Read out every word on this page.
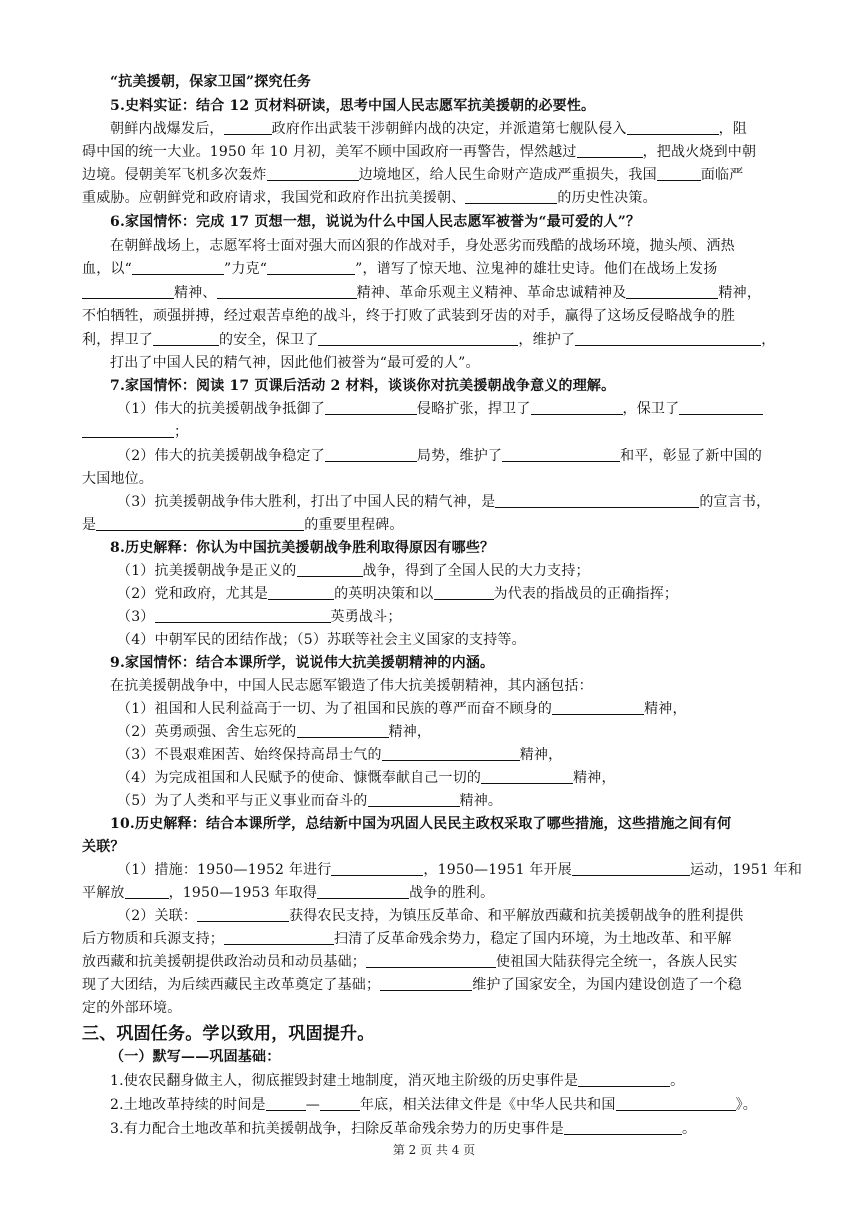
“抗美援朝，保家卫国”探究任务
5.史料实证：结合 12 页材料研读，思考中国人民志愿军抗美援朝的必要性。
朝鲜内战爆发后，	政府作出武装干涉朝鲜内战的决定，并派遣第七舰队侵入	，阻
碍中国的统一大业。1950 年 10 月初，美军不顾中国政府一再警告，悍然越过	，把战火烧到中朝
边境。侵朝美军飞机多次轰炸	边境地区，给人民生命财产造成严重损失，我国	面临严
重威胁。应朝鲜党和政府请求，我国党和政府作出抗美援朝、	的历史性决策。
6.家国情怀：完成 17 页想一想，说说为什么中国人民志愿军被誉为“最可爱的人”？
在朝鲜战场上，志愿军将士面对强大而凶狠的作战对手，身处恶劣而残酷的战场环境，抛头颅、洒热
血，以“	”力克“	”，谱写了惊天地、泣鬼神的雄壮史诗。他们在战场上发扬
精神、	精神、革命乐观主义精神、革命忠诚精神及	精神，
不怕牺牲，顽强拼搏，经过艰苦卓绝的战斗，终于打败了武装到牙齿的对手，赢得了这场反侵略战争的胜
利，捍卫了	的安全，保卫了	，维护了	，
打出了中国人民的精气神，因此他们被誉为“最可爱的人”。
7.家国情怀：阅读 17 页课后活动 2 材料，谈谈你对抗美援朝战争意义的理解。
（1）伟大的抗美援朝战争抵御了	侵略扩张，捍卫了	，保卫了
；
（2）伟大的抗美援朝战争稳定了	局势，维护了	和平，彰显了新中国的
大国地位。
（3）抗美援朝战争伟大胜利，打出了中国人民的精气神，是	的宣言书，
是	的重要里程碑。
8.历史解释：你认为中国抗美援朝战争胜利取得原因有哪些？
（1）抗美援朝战争是正义的	战争，得到了全国人民的大力支持；
（2）党和政府，尤其是	的英明决策和以	为代表的指战员的正确指挥；
（3）	英勇战斗；
（4）中朝军民的团结作战；（5）苏联等社会主义国家的支持等。
9.家国情怀：结合本课所学，说说伟大抗美援朝精神的内涵。
在抗美援朝战争中，中国人民志愿军锻造了伟大抗美援朝精神，其内涵包括：
（1）祖国和人民利益高于一切、为了祖国和民族的尊严而奋不顾身的	精神，
（2）英勇顽强、舍生忘死的	精神，
（3）不畏艰难困苦、始终保持高昂士气的	精神，
（4）为完成祖国和人民赋予的使命、慷慨奉献自己一切的	精神，
（5）为了人类和平与正义事业而奋斗的	精神。
10.历史解释：结合本课所学，总结新中国为巩固人民民主政权采取了哪些措施，这些措施之间有何
关联？
（1）措施：1950—1952 年进行	，1950—1951 年开展	运动，1951 年和
平解放	，1950—1953 年取得	战争的胜利。
（2）关联：	获得农民支持，为镇压反革命、和平解放西藏和抗美援朝战争的胜利提供
后方物质和兵源支持；	扫清了反革命残余势力，稳定了国内环境，为土地改革、和平解
放西藏和抗美援朝提供政治动员和动员基础；	使祖国大陆获得完全统一，各族人民实
现了大团结，为后续西藏民主改革奠定了基础；	维护了国家安全，为国内建设创造了一个稳
定的外部环境。
三、巩固任务。学以致用，巩固提升。
（一）默写——巩固基础：
1.使农民翻身做主人，彻底摧毁封建土地制度，消灭地主阶级的历史事件是	。
2.土地改革持续的时间是	—	年底，相关法律文件是《中华人民共和国	》。
3.有力配合土地改革和抗美援朝战争，扫除反革命残余势力的历史事件是	。
第 2 页 共 4 页
